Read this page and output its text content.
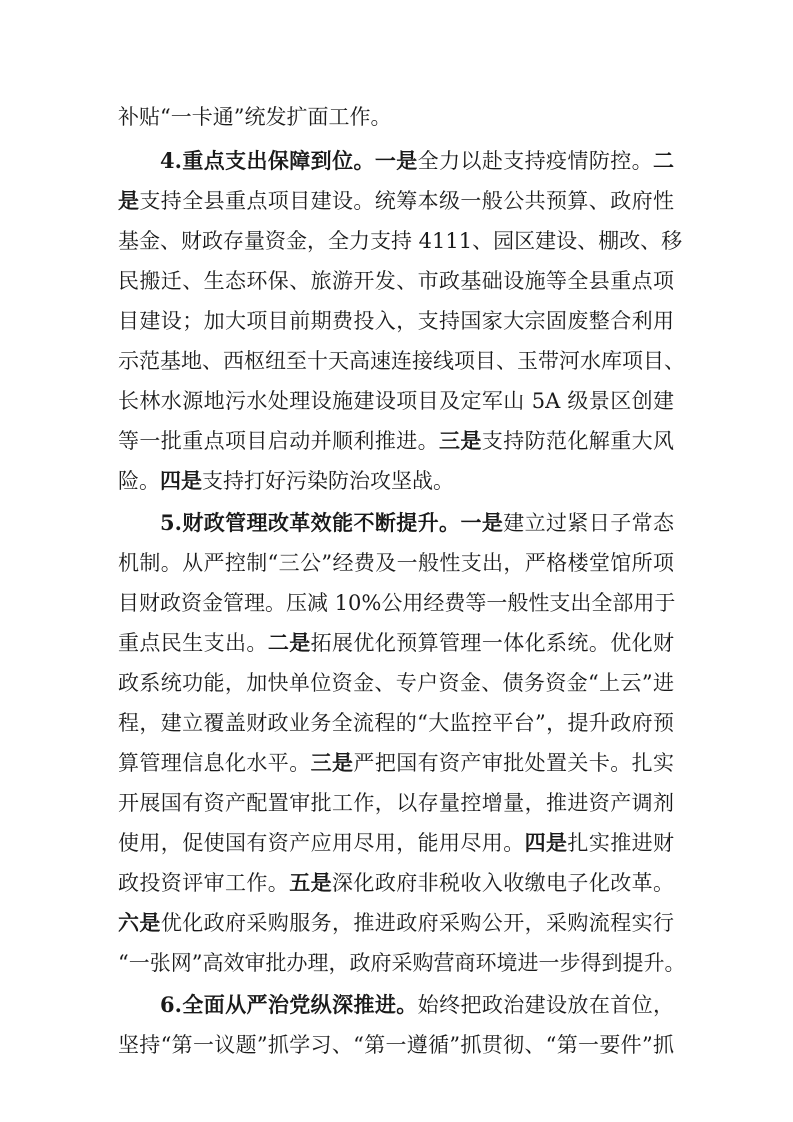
补贴“一卡通”统发扩面工作。
4.重点支出保障到位。一是全力以赴支持疫情防控。二
是支持全县重点项目建设。统筹本级一般公共预算、政府性
基金、财政存量资金，全力支持 4111、园区建设、棚改、移
民搬迁、生态环保、旅游开发、市政基础设施等全县重点项
目建设；加大项目前期费投入，支持国家大宗固废整合利用
示范基地、西枢纽至十天高速连接线项目、玉带河水库项目、
长林水源地污水处理设施建设项目及定军山 5A 级景区创建
等一批重点项目启动并顺利推进。三是支持防范化解重大风
险。四是支持打好污染防治攻坚战。
5.财政管理改革效能不断提升。一是建立过紧日子常态
机制。从严控制“三公”经费及一般性支出，严格楼堂馆所项
目财政资金管理。压减 10%公用经费等一般性支出全部用于
重点民生支出。二是拓展优化预算管理一体化系统。优化财
政系统功能，加快单位资金、专户资金、债务资金“上云”进
程，建立覆盖财政业务全流程的“大监控平台”，提升政府预
算管理信息化水平。三是严把国有资产审批处置关卡。扎实
开展国有资产配置审批工作，以存量控增量，推进资产调剂
使用，促使国有资产应用尽用，能用尽用。四是扎实推进财
政投资评审工作。五是深化政府非税收入收缴电子化改革。
六是优化政府采购服务，推进政府采购公开，采购流程实行
“一张网”高效审批办理，政府采购营商环境进一步得到提升。
6.全面从严治党纵深推进。始终把政治建设放在首位，
坚持“第一议题”抓学习、“第一遵循”抓贯彻、“第一要件”抓
